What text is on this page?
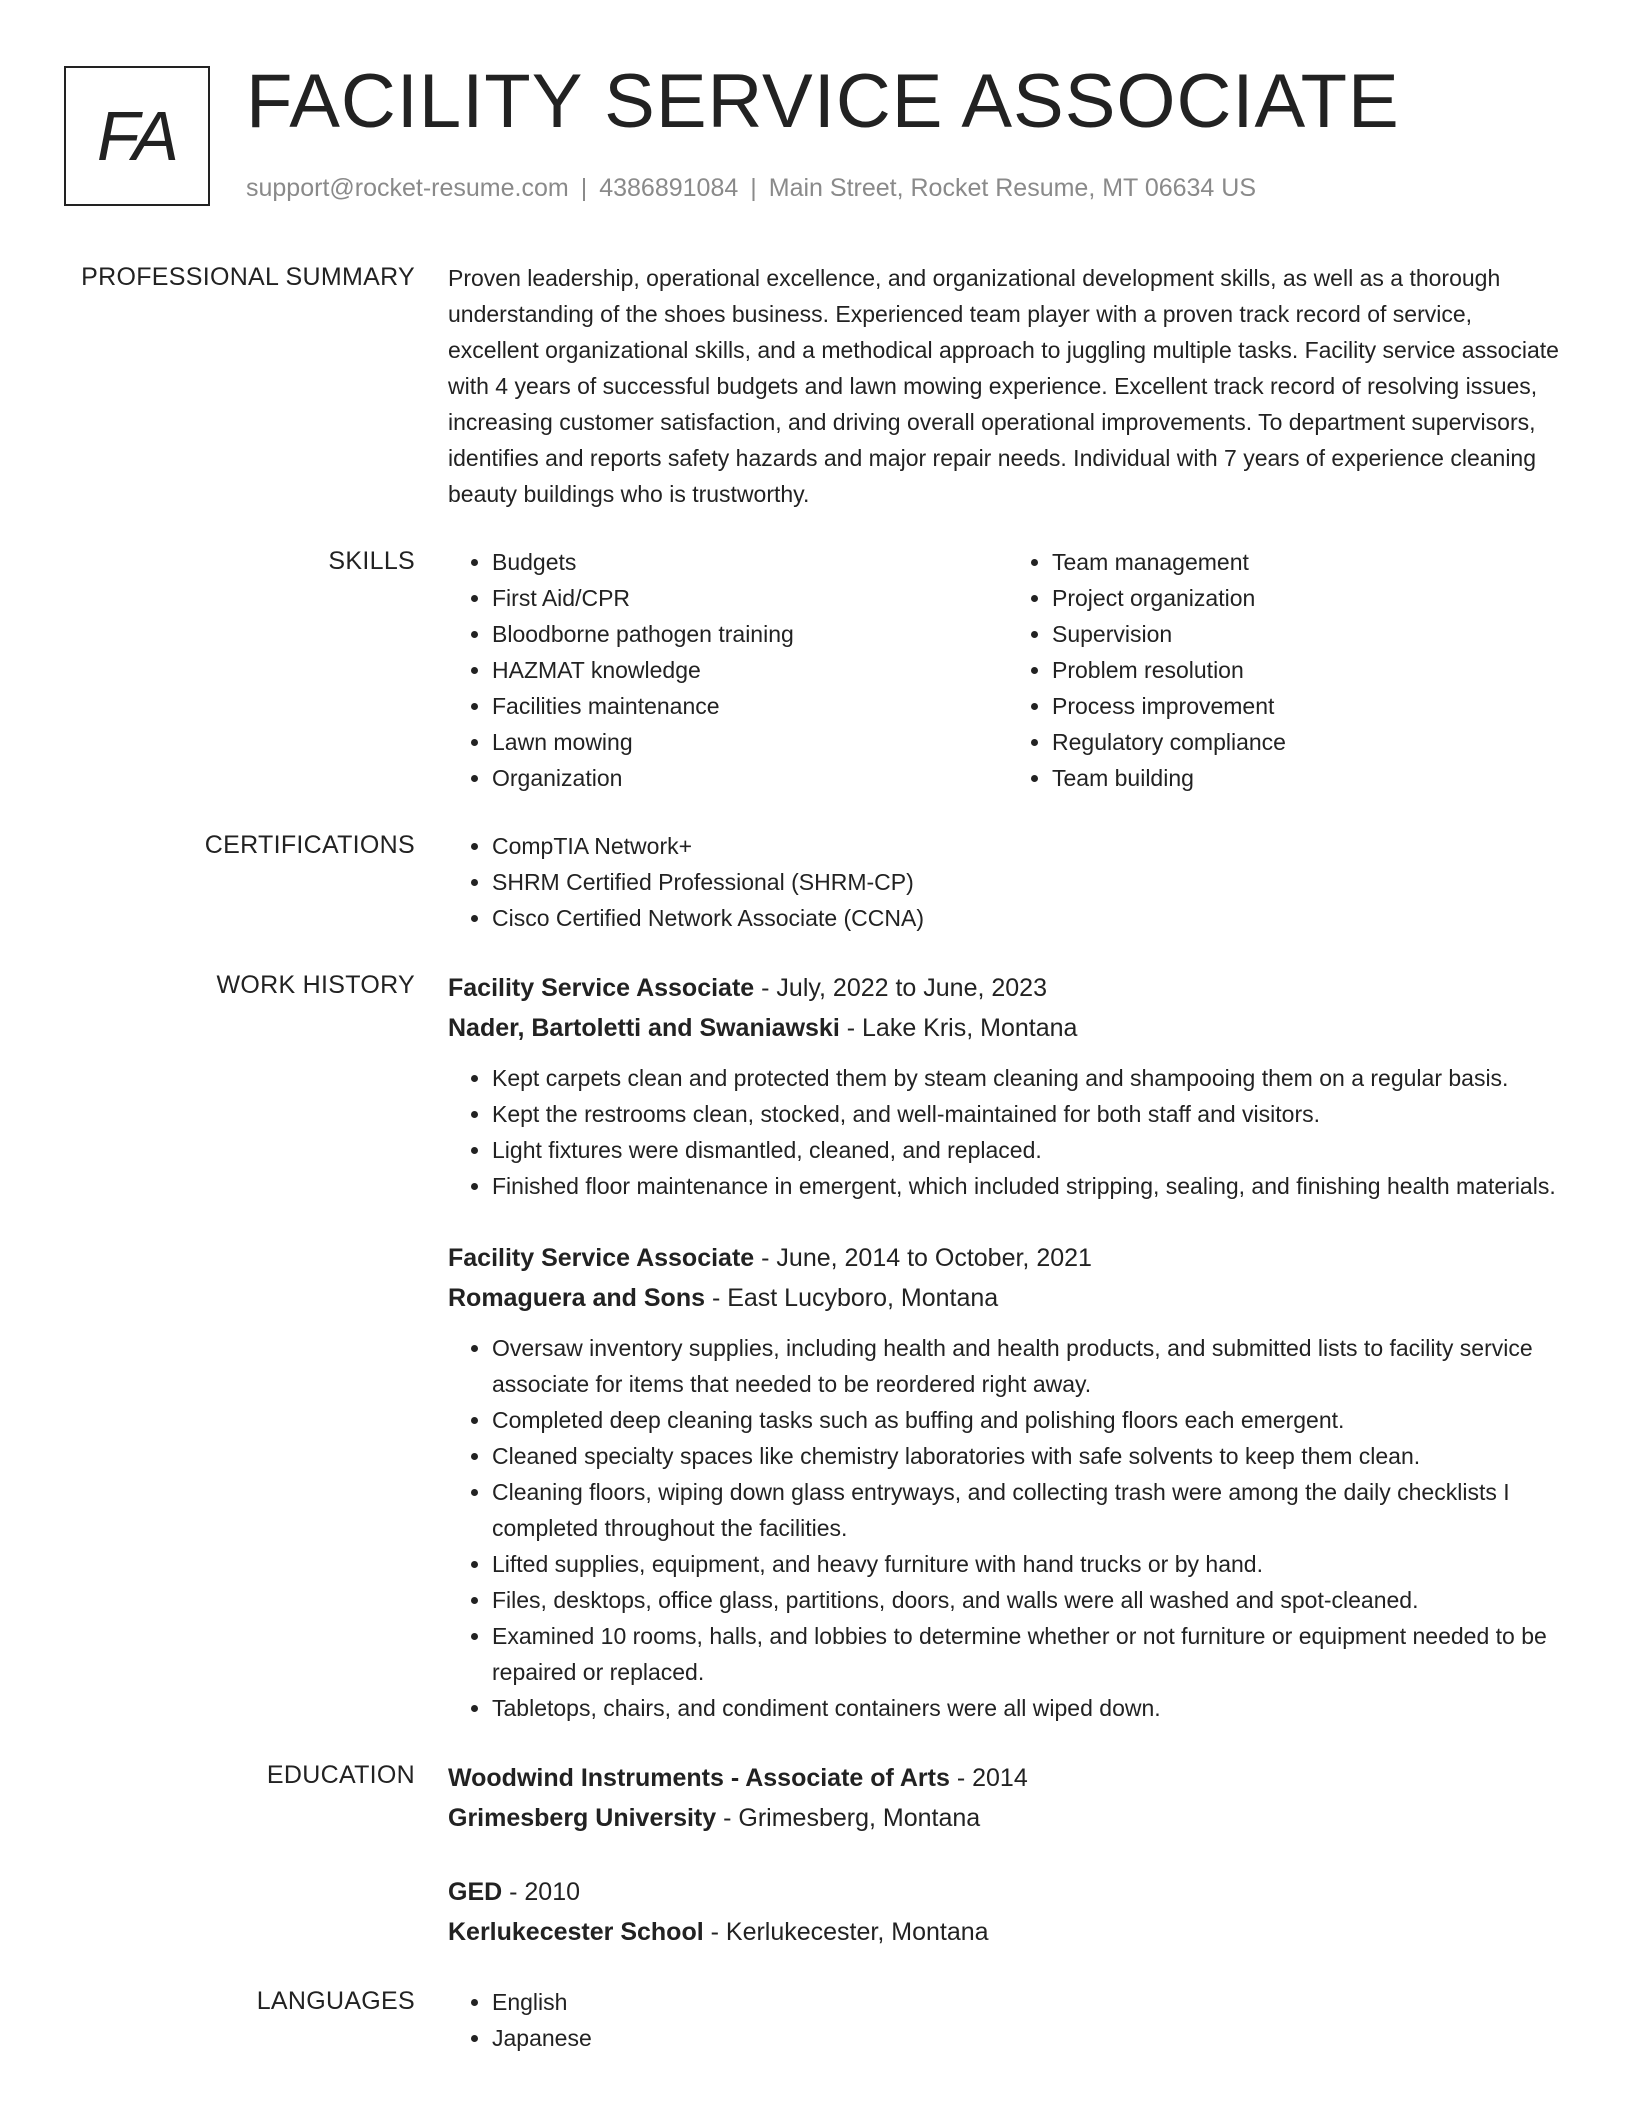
FA FACILITY SERVICE ASSOCIATE
support@rocket-resume.com | 4386891084 | Main Street, Rocket Resume, MT 06634 US
PROFESSIONAL SUMMARY Proven leadership, operational excellence, and organizational development skills, as well as a thorough understanding of the shoes business. Experienced team player with a proven track record of service, excellent organizational skills, and a methodical approach to juggling multiple tasks. Facility service associate with 4 years of successful budgets and lawn mowing experience. Excellent track record of resolving issues, increasing customer satisfaction, and driving overall operational improvements. To department supervisors, identifies and reports safety hazards and major repair needs. Individual with 7 years of experience cleaning beauty buildings who is trustworthy.

SKILLS	• Budgets
• First Aid/CPR
• Bloodborne pathogen training
• HAZMAT knowledge
• Facilities maintenance
• Lawn mowing
• Organization
• Team management
• Project organization
• Supervision
• Problem resolution
• Process improvement
• Regulatory compliance
• Team building
CERTIFICATIONS	• CompTIA Network+
• SHRM Certified Professional (SHRM-CP)
• Cisco Certified Network Associate (CCNA)
WORK HISTORY Facility Service Associate - July, 2022 to June, 2023
Nader, Bartoletti and Swaniawski - Lake Kris, Montana
• Kept carpets clean and protected them by steam cleaning and shampooing them on a regular basis.
• Kept the restrooms clean, stocked, and well-maintained for both staff and visitors.
• Light fixtures were dismantled, cleaned, and replaced.
• Finished floor maintenance in emergent, which included stripping, sealing, and finishing health materials.
Facility Service Associate - June, 2014 to October, 2021
Romaguera and Sons - East Lucyboro, Montana
• Oversaw inventory supplies, including health and health products, and submitted lists to facility service associate for items that needed to be reordered right away.
• Completed deep cleaning tasks such as buffing and polishing floors each emergent.
• Cleaned specialty spaces like chemistry laboratories with safe solvents to keep them clean.
• Cleaning floors, wiping down glass entryways, and collecting trash were among the daily checklists I completed throughout the facilities.
• Lifted supplies, equipment, and heavy furniture with hand trucks or by hand.
• Files, desktops, office glass, partitions, doors, and walls were all washed and spot-cleaned.
• Examined 10 rooms, halls, and lobbies to determine whether or not furniture or equipment needed to be repaired or replaced.
• Tabletops, chairs, and condiment containers were all wiped down.
EDUCATION Woodwind Instruments - Associate of Arts - 2014
Grimesberg University - Grimesberg, Montana
GED - 2010
Kerlukecester School - Kerlukecester, Montana
LANGUAGES	• English
• Japanese
